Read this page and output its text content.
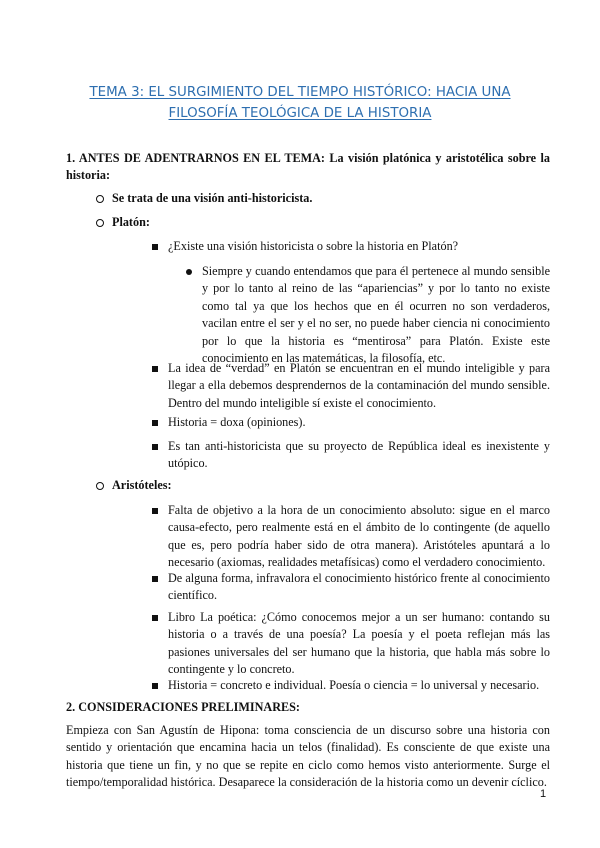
TEMA 3: EL SURGIMIENTO DEL TIEMPO HISTÓRICO: HACIA UNA
FILOSOFÍA TEOLÓGICA DE LA HISTORIA
1. ANTES DE ADENTRARNOS EN EL TEMA: La visión platónica y aristotélica sobre la historia:
Se trata de una visión anti-historicista.
Platón:
¿Existe una visión historicista o sobre la historia en Platón?
Siempre y cuando entendamos que para él pertenece al mundo sensible y por lo tanto al reino de las “apariencias” y por lo tanto no existe como tal ya que los hechos que en él ocurren no son verdaderos, vacilan entre el ser y el no ser, no puede haber ciencia ni conocimiento por lo que la historia es “mentirosa” para Platón. Existe este conocimiento en las matemáticas, la filosofía, etc.
La idea de “verdad” en Platón se encuentran en el mundo inteligible y para llegar a ella debemos desprendernos de la contaminación del mundo sensible. Dentro del mundo inteligible sí existe el conocimiento.
Historia = doxa (opiniones).
Es tan anti-historicista que su proyecto de República ideal es inexistente y utópico.
Aristóteles:
Falta de objetivo a la hora de un conocimiento absoluto: sigue en el marco causa-efecto, pero realmente está en el ámbito de lo contingente (de aquello que es, pero podría haber sido de otra manera). Aristóteles apuntará a lo necesario (axiomas, realidades metafísicas) como el verdadero conocimiento.
De alguna forma, infravalora el conocimiento histórico frente al conocimiento científico.
Libro La poética: ¿Cómo conocemos mejor a un ser humano: contando su historia o a través de una poesía? La poesía y el poeta reflejan más las pasiones universales del ser humano que la historia, que habla más sobre lo contingente y lo concreto.
Historia = concreto e individual. Poesía o ciencia = lo universal y necesario.
2. CONSIDERACIONES PRELIMINARES:
Empieza con San Agustín de Hipona: toma consciencia de un discurso sobre una historia con sentido y orientación que encamina hacia un telos (finalidad). Es consciente de que existe una historia que tiene un fin, y no que se repite en ciclo como hemos visto anteriormente. Surge el tiempo/temporalidad histórica. Desaparece la consideración de la historia como un devenir cíclico.
1
